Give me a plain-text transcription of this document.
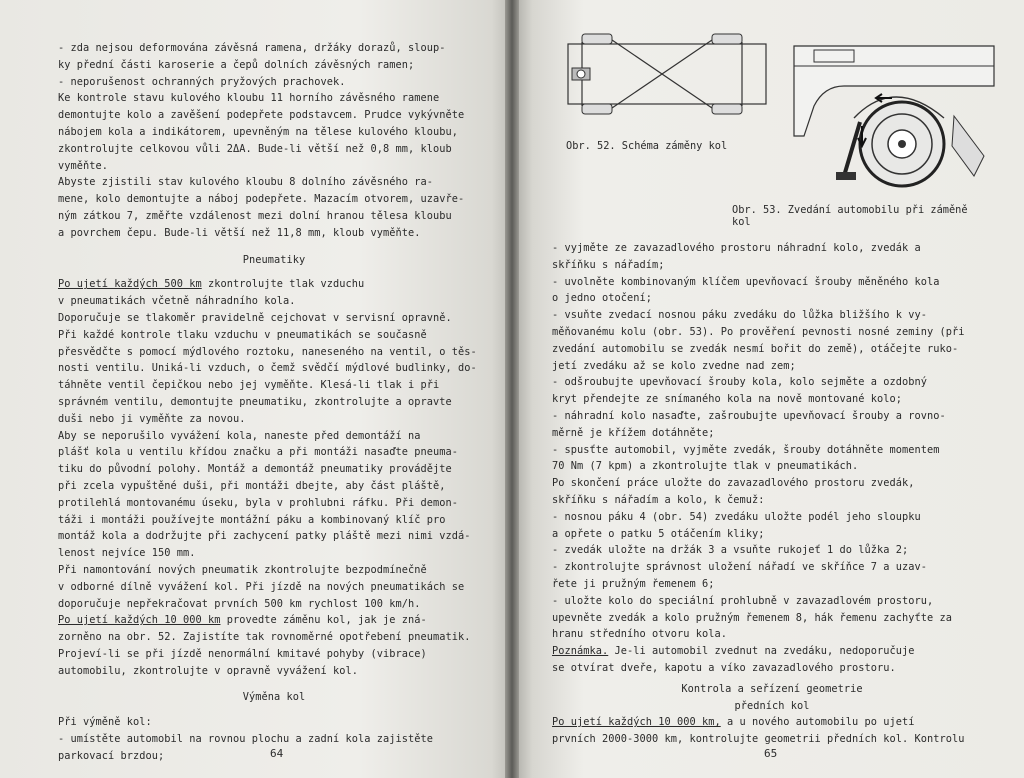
- zda nejsou deformována závěsná ramena, držáky dorazů, sloup-
ky přední části karoserie a čepů dolních závěsných ramen;
- neporušenost ochranných pryžových prachovek.
Ke kontrole stavu kulového kloubu 11 horního závěsného ramene
demontujte kolo a zavěšení podepřete podstavcem. Prudce vykývněte
nábojem kola a indikátorem, upevněným na tělese kulového kloubu,
zkontrolujte celkovou vůli 2ΔA. Bude-li větší než 0,8 mm, kloub
vyměňte.
Abyste zjistili stav kulového kloubu 8 dolního závěsného ra-
mene, kolo demontujte a náboj podepřete. Mazacím otvorem, uzavře-
ným zátkou 7, změřte vzdálenost mezi dolní hranou tělesa kloubu
a povrchem čepu. Bude-li větší než 11,8 mm, kloub vyměňte.
Pneumatiky
Po ujetí každých 500 km zkontrolujte tlak vzduchu
v pneumatikách včetně náhradního kola.
Doporučuje se tlakoměr pravidelně cejchovat v servisní opravně.
Při každé kontrole tlaku vzduchu v pneumatikách se současně
přesvědčte s pomocí mýdlového roztoku, naneseného na ventil, o těs-
nosti ventilu. Uniká-li vzduch, o čemž svědčí mýdlové budlinky, do-
táhněte ventil čepičkou nebo jej vyměňte. Klesá-li tlak i při
správném ventilu, demontujte pneumatiku, zkontrolujte a opravte
duši nebo ji vyměňte za novou.
Aby se neporušilo vyvážení kola, naneste před demontáží na
plášť kola u ventilu křídou značku a při montáži nasaďte pneuma-
tiku do původní polohy. Montáž a demontáž pneumatiky provádějte
při zcela vypuštěné duši, při montáži dbejte, aby část pláště,
protilehlá montovanému úseku, byla v prohlubni ráfku. Při demon-
táži i montáži používejte montážní páku a kombinovaný klíč pro
montáž kola a dodržujte při zachycení patky pláště mezi nimi vzdá-
lenost nejvíce 150 mm.
Při namontování nových pneumatik zkontrolujte bezpodmínečně
v odborné dílně vyvážení kol. Při jízdě na nových pneumatikách se
doporučuje nepřekračovat prvních 500 km rychlost 100 km/h.
Po ujetí každých 10 000 km provedte záměnu kol, jak je zná-
zorněno na obr. 52. Zajistíte tak rovnoměrné opotřebení pneumatik.
Projeví-li se při jízdě nenormální kmitavé pohyby (vibrace)
automobilu, zkontrolujte v opravně vyvážení kol.
Výměna kol
Při výměně kol:
- umístěte automobil na rovnou plochu a zadní kola zajistěte
parkovací brzdou;	64
Obr. 52. Schéma záměny kol
Obr. 53. Zvedání automobilu při záměně kol
- vyjměte ze zavazadlového prostoru náhradní kolo, zvedák a
skříňku s nářadím;
- uvolněte kombinovaným klíčem upevňovací šrouby měněného kola
o jedno otočení;
- vsuňte zvedací nosnou páku zvedáku do lůžka bližšího k vy-
měňovanému kolu (obr. 53). Po prověření pevnosti nosné zeminy (při
zvedání automobilu se zvedák nesmí bořit do země), otáčejte ruko-
jetí zvedáku až se kolo zvedne nad zem;
- odšroubujte upevňovací šrouby kola, kolo sejměte a ozdobný
kryt přendejte ze snímaného kola na nově montované kolo;
- náhradní kolo nasaďte, zašroubujte upevňovací šrouby a rovno-
měrně je křížem dotáhněte;
- spusťte automobil, vyjměte zvedák, šrouby dotáhněte momentem
70 Nm (7 kpm) a zkontrolujte tlak v pneumatikách.
Po skončení práce uložte do zavazadlového prostoru zvedák,
skříňku s nářadím a kolo, k čemuž:
- nosnou páku 4 (obr. 54) zvedáku uložte podél jeho sloupku
a opřete o patku 5 otáčením kliky;
- zvedák uložte na držák 3 a vsuňte rukojeť 1 do lůžka 2;
- zkontrolujte správnost uložení nářadí ve skříňce 7 a uzav-
řete ji pružným řemenem 6;
- uložte kolo do speciální prohlubně v zavazadlovém prostoru,
upevněte zvedák a kolo pružným řemenem 8, hák řemenu zachyťte za
hranu středního otvoru kola.
Poznámka. Je-li automobil zvednut na zvedáku, nedoporučuje
se otvírat dveře, kapotu a víko zavazadlového prostoru.
Kontrola a seřízení geometrie
předních kol
Po ujetí každých 10 000 km, a u nového automobilu po ujetí
prvních 2000-3000 km, kontrolujte geometrii předních kol. Kontrolu
65
